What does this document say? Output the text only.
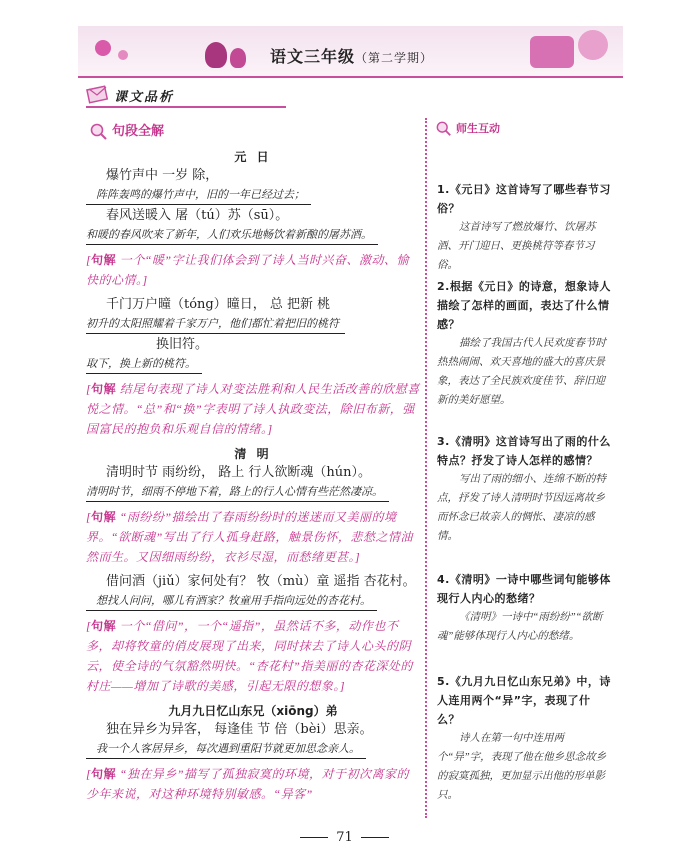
语文三年级（第二学期）
课文品析
句段全解	师生互动

元 日

爆竹声中 一岁 除，

阵阵轰鸣的爆竹声中，旧的一年已经过去；

春风送暖入 屠（tú）苏（sū）。

和暖的春风吹来了新年，人们欢乐地畅饮着新酿的屠苏酒。

[句解 一个“暖”字让我们体会到了诗人当时兴奋、激动、愉快的心情。]

千门万户曈（tóng）曈日， 总 把新 桃

初升的太阳照耀着千家万户，他们都忙着把旧的桃符

换旧符。

取下，换上新的桃符。

[句解 结尾句表现了诗人对变法胜利和人民生活改善的欣慰喜悦之情。“总”和“换”字表明了诗人执政变法，除旧布新，强国富民的抱负和乐观自信的情绪。]

清 明

清明时节 雨纷纷， 路上 行人欲断魂（hún）。

清明时节，细雨不停地下着，路上的行人心情有些茫然凄凉。

[句解 “雨纷纷”描绘出了春雨纷纷时的迷迷而又美丽的境界。“欲断魂”写出了行人孤身赶路，触景伤怀，悲愁之情油然而生。又因细雨纷纷，衣衫尽湿，而愁绪更甚。]

借问酒（jiǔ）家何处有？ 牧（mù）童 遥指 杏花村。

想找人问问，哪儿有酒家？牧童用手指向远处的杏花村。

[句解 一个“借问”，一个“遥指”，虽然话不多，动作也不多，却将牧童的俏皮展现了出来，同时抹去了诗人心头的阴云，使全诗的气氛豁然明快。“杏花村”指美丽的杏花深处的村庄——增加了诗歌的美感，引起无限的想象。]

九月九日忆山东兄（xiōng）弟

独在异乡为异客， 每逢佳 节 倍（bèi）思亲。

我一个人客居异乡，每次遇到重阳节就更加思念亲人。

[句解 “独在异乡”描写了孤独寂寞的环境，对于初次离家的少年来说，对这种环境特别敏感。“异客”

1.《元日》这首诗写了哪些春节习俗？

这首诗写了燃放爆竹、饮屠苏酒、开门迎日、更换桃符等春节习俗。

2.根据《元日》的诗意，想象诗人描绘了怎样的画面，表达了什么情感？

描绘了我国古代人民欢度春节时热热闹闹、欢天喜地的盛大的喜庆景象，表达了全民族欢度佳节、辞旧迎新的美好愿望。

3.《清明》这首诗写出了雨的什么特点？抒发了诗人怎样的感情？

写出了雨的细小、连绵不断的特点，抒发了诗人清明时节因远离故乡而怀念已故亲人的惆怅、凄凉的感情。

4.《清明》一诗中哪些词句能够体现行人内心的愁绪？

《清明》一诗中“雨纷纷”“欲断魂”能够体现行人内心的愁绪。

5.《九月九日忆山东兄弟》中，诗人连用两个“异”字，表现了什么？

诗人在第一句中连用两个“异”字，表现了他在他乡思念故乡的寂寞孤独，更加显示出他的形单影只。

71
